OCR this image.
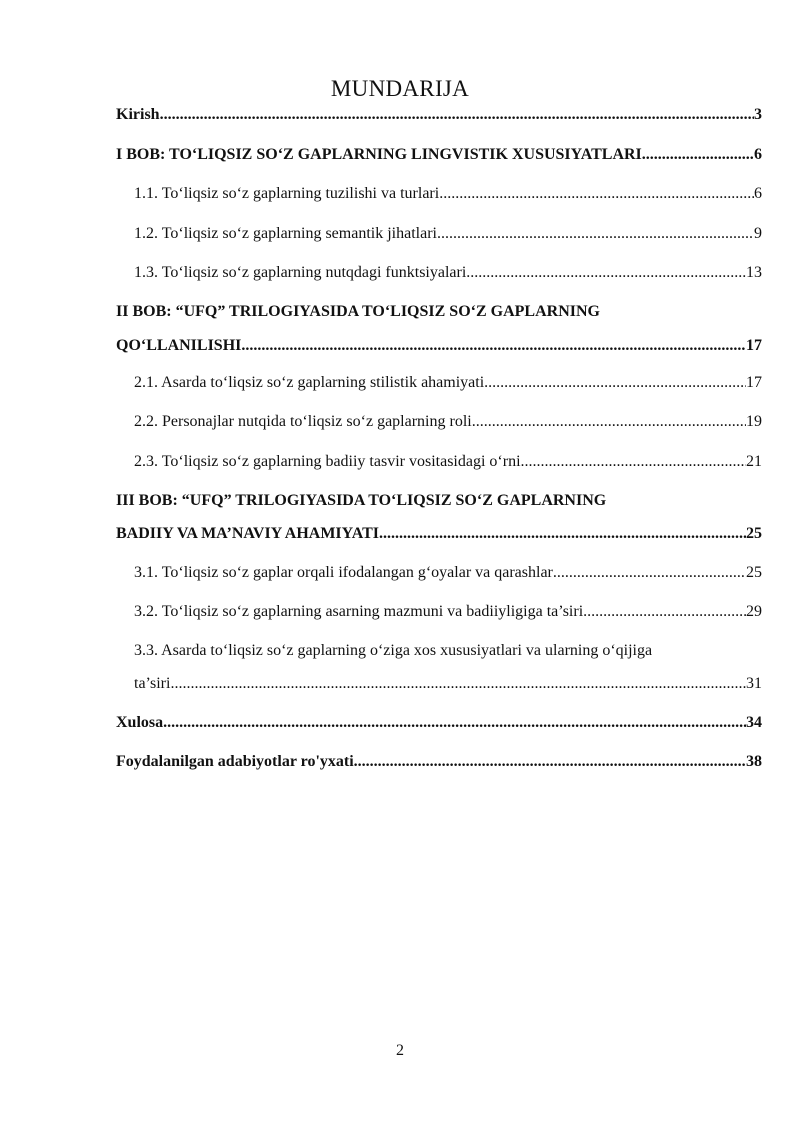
MUNDARIJA
Kirish .....	3
I BOB: TO‘LIQSIZ SO‘Z GAPLARNING LINGVISTIK XUSUSIYATLARI .....	6
1.1. To‘liqsiz so‘z gaplarning tuzilishi va turlari .....	6
1.2. To‘liqsiz so‘z gaplarning semantik jihatlari .....	9
1.3. To‘liqsiz so‘z gaplarning nutqdagi funktsiyalari .....	13
II BOB: “UFQ” TRILOGIYASIDA TO‘LIQSIZ SO‘Z GAPLARNING
QO‘LLANILISHI .....	17
2.1. Asarda to‘liqsiz so‘z gaplarning stilistik ahamiyati .....	17
2.2. Personajlar nutqida to‘liqsiz so‘z gaplarning roli .....	19
2.3. To‘liqsiz so‘z gaplarning badiiy tasvir vositasidagi o‘rni .....	21
III BOB: “UFQ” TRILOGIYASIDA TO‘LIQSIZ SO‘Z GAPLARNING
BADIIY VA MA’NAVIY AHAMIYATI .....	25
3.1. To‘liqsiz so‘z gaplar orqali ifodalangan g‘oyalar va qarashlar .....	25
3.2. To‘liqsiz so‘z gaplarning asarning mazmuni va badiiyligiga ta’siri .....	29
3.3. Asarda to‘liqsiz so‘z gaplarning o‘ziga xos xususiyatlari va ularning o‘qijiga
ta’siri .....	31
Xulosa .....	34
Foydalanilgan adabiyotlar ro'yxati .....	38
2
